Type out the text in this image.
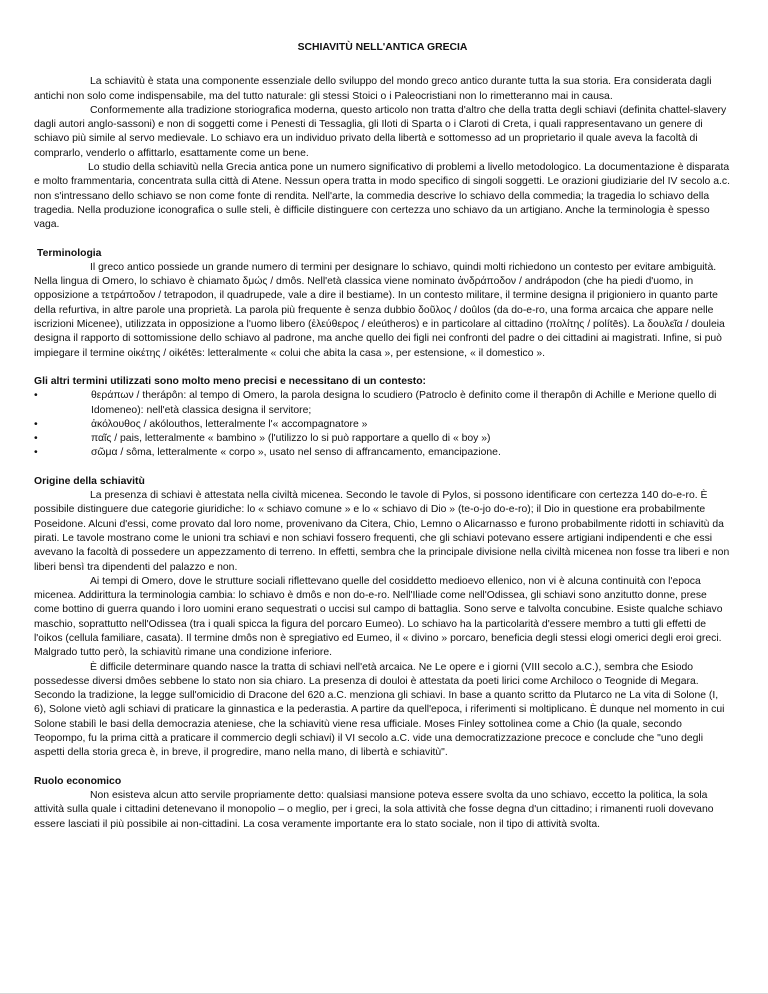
SCHIAVITÙ NELL'ANTICA GRECIA

La schiavitù è stata una componente essenziale dello sviluppo del mondo greco antico durante tutta la sua storia. Era considerata dagli antichi non solo come indispensabile, ma del tutto naturale: gli stessi Stoici o i Paleocristiani non lo rimetteranno mai in causa.

Conformemente alla tradizione storiografica moderna, questo articolo non tratta d'altro che della tratta degli schiavi (definita chattel-slavery dagli autori anglo-sassoni) e non di soggetti come i Penesti di Tessaglia, gli Iloti di Sparta o i Claroti di Creta, i quali rappresentavano un genere di schiavo più simile al servo medievale. Lo schiavo era un individuo privato della libertà e sottomesso ad un proprietario il quale aveva la facoltà di comprarlo, venderlo o affittarlo, esattamente come un bene.

Lo studio della schiavitù nella Grecia antica pone un numero significativo di problemi a livello metodologico. La documentazione è disparata e molto frammentaria, concentrata sulla città di Atene. Nessun opera tratta in modo specifico di singoli soggetti. Le orazioni giudiziarie del IV secolo a.c. non s'intressano dello schiavo se non come fonte di rendita. Nell'arte, la commedia descrive lo schiavo della commedia; la tragedia lo schiavo della tragedia. Nella produzione iconografica o sulle steli, è difficile distinguere con certezza uno schiavo da un artigiano. Anche la terminologia è spesso vaga.

Terminologia

Il greco antico possiede un grande numero di termini per designare lo schiavo, quindi molti richiedono un contesto per evitare ambiguità. Nella lingua di Omero, lo schiavo è chiamato δμώς / dmôs. Nell'età classica viene nominato ἀνδράποδον / andrápodon (che ha piedi d'uomo, in opposizione a τετράποδον / tetrapodon, il quadrupede, vale a dire il bestiame). In un contesto militare, il termine designa il prigioniero in quanto parte della refurtiva, in altre parole una proprietà. La parola più frequente è senza dubbio δοῦλος / doûlos (da do-e-ro, una forma arcaica che appare nelle iscrizioni Micenee), utilizzata in opposizione a l'uomo libero (ἐλεύθερος / eleútheros) e in particolare al cittadino (πολίτης / polítēs). La δουλεῖα / douleia designa il rapporto di sottomissione dello schiavo al padrone, ma anche quello dei figli nei confronti del padre o dei cittadini ai magistrati. Infine, si può impiegare il termine οἰκέτης / oikétēs: letteralmente « colui che abita la casa », per estensione, « il domestico ».

Gli altri termini utilizzati sono molto meno precisi e necessitano di un contesto:

•	θεράπων / therápôn: al tempo di Omero, la parola designa lo scudiero (Patroclo è definito come il therapôn di Achille e Merione quello di Idomeneo): nell'età classica designa il servitore;
•	ἀκόλουθος / akólouthos, letteralmente l'« accompagnatore »
•	παῖς / pais, letteralmente « bambino » (l'utilizzo lo si può rapportare a quello di « boy »)
•	σῶμα / sôma, letteralmente « corpo », usato nel senso di affrancamento, emancipazione.

Origine della schiavitù

La presenza di schiavi è attestata nella civiltà micenea. Secondo le tavole di Pylos, si possono identificare con certezza 140 do-e-ro. È possibile distinguere due categorie giuridiche: lo « schiavo comune » e lo « schiavo di Dio » (te-o-jo do-e-ro); il Dio in questione era probabilmente Poseidone. Alcuni d'essi, come provato dal loro nome, provenivano da Citera, Chio, Lemno o Alicarnasso e furono probabilmente ridotti in schiavitù da pirati. Le tavole mostrano come le unioni tra schiavi e non schiavi fossero frequenti, che gli schiavi potevano essere artigiani indipendenti e che essi avevano la facoltà di possedere un appezzamento di terreno. In effetti, sembra che la principale divisione nella civiltà micenea non fosse tra liberi e non liberi bensì tra dipendenti del palazzo e non.

Ai tempi di Omero, dove le strutture sociali riflettevano quelle del cosiddetto medioevo ellenico, non vi è alcuna continuità con l'epoca micenea. Addirittura la terminologia cambia: lo schiavo è dmôs e non do-e-ro. Nell'Iliade come nell'Odissea, gli schiavi sono anzitutto donne, prese come bottino di guerra quando i loro uomini erano sequestrati o uccisi sul campo di battaglia. Sono serve e talvolta concubine. Esiste qualche schiavo maschio, soprattutto nell'Odissea (tra i quali spicca la figura del porcaro Eumeo). Lo schiavo ha la particolarità d'essere membro a tutti gli effetti de l'oikos (cellula familiare, casata). Il termine dmôs non è spregiativo ed Eumeo, il « divino » porcaro, beneficia degli stessi elogi omerici degli eroi greci. Malgrado tutto però, la schiavitù rimane una condizione inferiore.

È difficile determinare quando nasce la tratta di schiavi nell'età arcaica. Ne Le opere e i giorni (VIII secolo a.C.), sembra che Esiodo possedesse diversi dmôes sebbene lo stato non sia chiaro. La presenza di douloi è attestata da poeti lirici come Archiloco o Teognide di Megara. Secondo la tradizione, la legge sull'omicidio di Dracone del 620 a.C. menziona gli schiavi. In base a quanto scritto da Plutarco ne La vita di Solone (I, 6), Solone vietò agli schiavi di praticare la ginnastica e la pederastia. A partire da quell'epoca, i riferimenti si moltiplicano. È dunque nel momento in cui Solone stabilì le basi della democrazia ateniese, che la schiavitù viene resa ufficiale. Moses Finley sottolinea come a Chio (la quale, secondo Teopompo, fu la prima città a praticare il commercio degli schiavi) il VI secolo a.C. vide una democratizzazione precoce e conclude che "uno degli aspetti della storia greca è, in breve, il progredire, mano nella mano, di libertà e schiavitù".

Ruolo economico

Non esisteva alcun atto servile propriamente detto: qualsiasi mansione poteva essere svolta da uno schiavo, eccetto la politica, la sola attività sulla quale i cittadini detenevano il monopolio – o meglio, per i greci, la sola attività che fosse degna d'un cittadino; i rimanenti ruoli dovevano essere lasciati il più possibile ai non-cittadini. La cosa veramente importante era lo stato sociale, non il tipo di attività svolta.
